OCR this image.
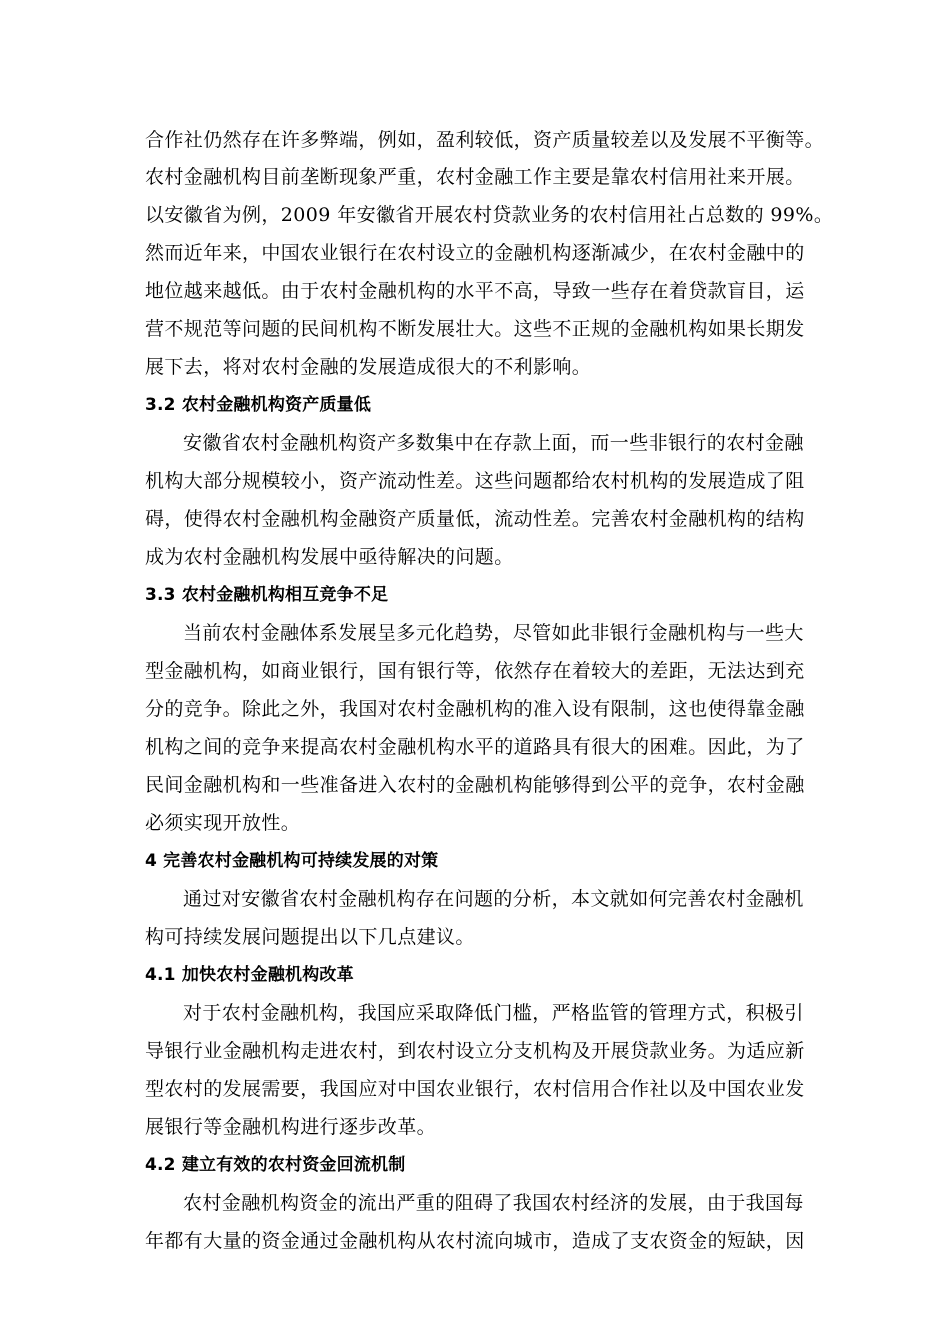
合作社仍然存在许多弊端，例如，盈利较低，资产质量较差以及发展不平衡等。
农村金融机构目前垄断现象严重，农村金融工作主要是靠农村信用社来开展。
以安徽省为例，2009 年安徽省开展农村贷款业务的农村信用社占总数的 99%。
然而近年来，中国农业银行在农村设立的金融机构逐渐减少，在农村金融中的
地位越来越低。由于农村金融机构的水平不高，导致一些存在着贷款盲目，运
营不规范等问题的民间机构不断发展壮大。这些不正规的金融机构如果长期发
展下去，将对农村金融的发展造成很大的不利影响。
3.2 农村金融机构资产质量低
安徽省农村金融机构资产多数集中在存款上面，而一些非银行的农村金融
机构大部分规模较小，资产流动性差。这些问题都给农村机构的发展造成了阻
碍，使得农村金融机构金融资产质量低，流动性差。完善农村金融机构的结构
成为农村金融机构发展中亟待解决的问题。
3.3 农村金融机构相互竞争不足
当前农村金融体系发展呈多元化趋势，尽管如此非银行金融机构与一些大
型金融机构，如商业银行，国有银行等，依然存在着较大的差距，无法达到充
分的竞争。除此之外，我国对农村金融机构的准入设有限制，这也使得靠金融
机构之间的竞争来提高农村金融机构水平的道路具有很大的困难。因此，为了
民间金融机构和一些准备进入农村的金融机构能够得到公平的竞争，农村金融
必须实现开放性。
4 完善农村金融机构可持续发展的对策
通过对安徽省农村金融机构存在问题的分析，本文就如何完善农村金融机
构可持续发展问题提出以下几点建议。
4.1 加快农村金融机构改革
对于农村金融机构，我国应采取降低门槛，严格监管的管理方式，积极引
导银行业金融机构走进农村，到农村设立分支机构及开展贷款业务。为适应新
型农村的发展需要，我国应对中国农业银行，农村信用合作社以及中国农业发
展银行等金融机构进行逐步改革。
4.2 建立有效的农村资金回流机制
农村金融机构资金的流出严重的阻碍了我国农村经济的发展，由于我国每
年都有大量的资金通过金融机构从农村流向城市，造成了支农资金的短缺，因
